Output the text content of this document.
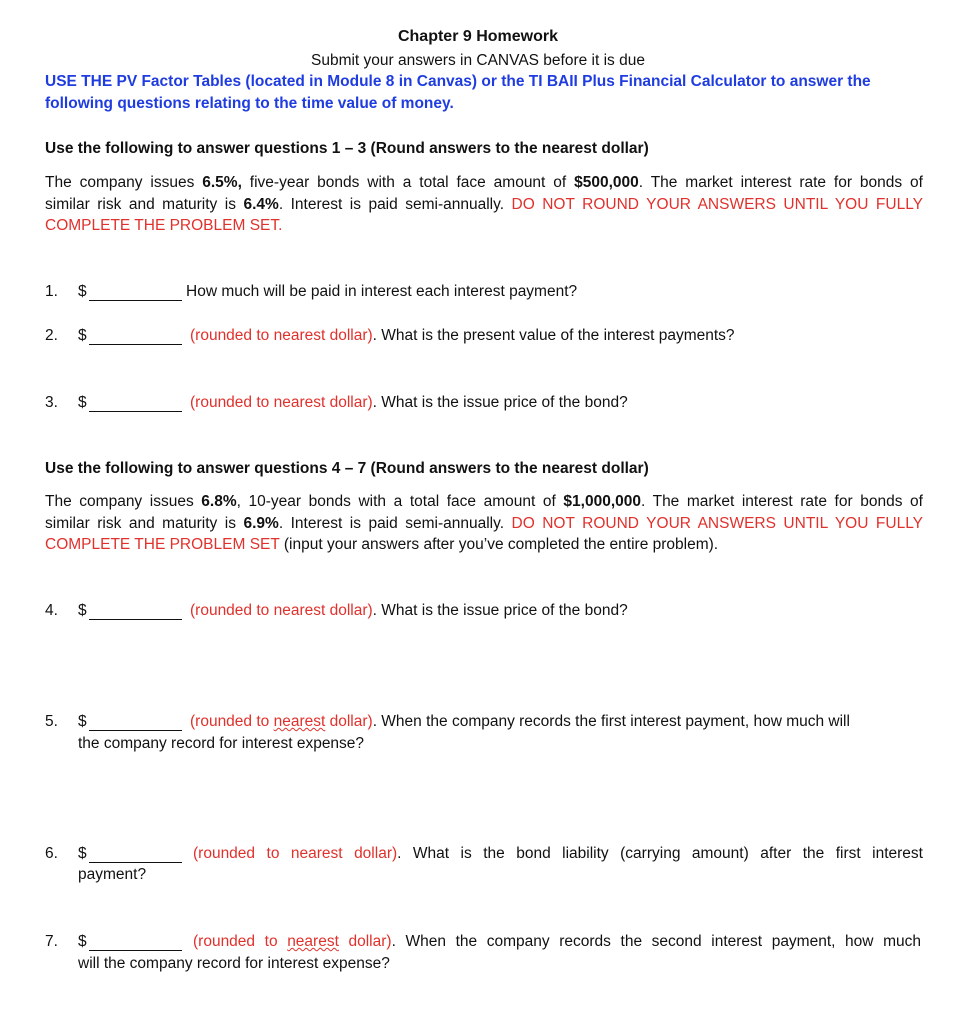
Chapter 9 Homework
Submit your answers in CANVAS before it is due
USE THE PV Factor Tables (located in Module 8 in Canvas) or the TI BAII Plus Financial Calculator to answer the
following questions relating to the time value of money.
Use the following to answer questions 1 – 3 (Round answers to the nearest dollar)
The company issues 6.5%, five-year bonds with a total face amount of $500,000. The market interest rate for bonds of
similar risk and maturity is 6.4%. Interest is paid semi-annually. DO NOT ROUND YOUR ANSWERS UNTIL YOU FULLY
COMPLETE THE PROBLEM SET.
1. $	How much will be paid in interest each interest payment?
2. $	(rounded to nearest dollar). What is the present value of the interest payments?
3. $	(rounded to nearest dollar). What is the issue price of the bond?
Use the following to answer questions 4 – 7 (Round answers to the nearest dollar)
The company issues 6.8%, 10-year bonds with a total face amount of $1,000,000. The market interest rate for bonds of
similar risk and maturity is 6.9%. Interest is paid semi-annually. DO NOT ROUND YOUR ANSWERS UNTIL YOU FULLY
COMPLETE THE PROBLEM SET (input your answers after you’ve completed the entire problem).
4. $	(rounded to nearest dollar). What is the issue price of the bond?
5. $	(rounded to nearest dollar). When the company records the first interest payment, how much will
the company record for interest expense?
6. $	(rounded to nearest dollar). What is the bond liability (carrying amount) after the first interest
payment?
7. $	(rounded to nearest dollar). When the company records the second interest payment, how much
will the company record for interest expense?
